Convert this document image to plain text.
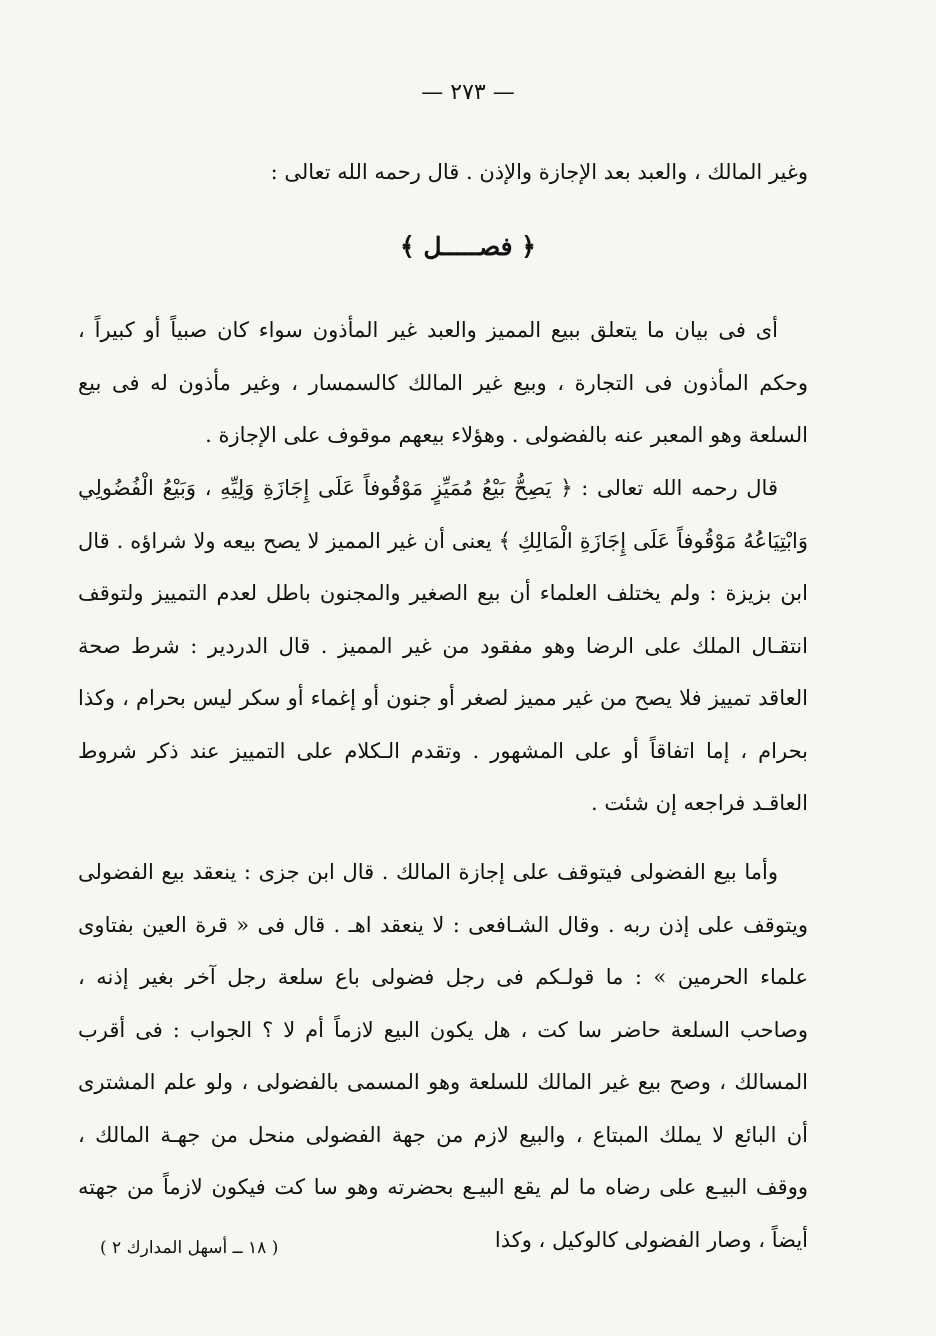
— ٢٧٣ —
وغير المالك ، والعبد بعد الإجازة والإذن . قال رحمه الله تعالى :
﴿ فصـــــل ﴾
أى فى بيان ما يتعلق ببيع المميز والعبد غير المأذون سواء كان صبياً أو كبيراً ، وحكم المأذون فى التجارة ، وبيع غير المالك كالسمسار ، وغير مأذون له فى بيع السلعة وهو المعبر عنه بالفضولى . وهؤلاء بيعهم موقوف على الإجازة .
قال رحمه الله تعالى : ﴿ يَصِحُّ بَيْعُ مُمَيِّزٍ مَوْقُوفاً عَلَى إِجَازَةِ وَلِيِّهِ ، وَبَيْعُ الْفُضُولِي وَابْتِيَاعُهُ مَوْقُوفاً عَلَى إِجَازَةِ الْمَالِكِ ﴾ يعنى أن غير المميز لا يصح بيعه ولا شراؤه . قال ابن بزيزة : ولم يختلف العلماء أن بيع الصغير والمجنون باطل لعدم التمييز ولتوقف انتقـال الملك على الرضا وهو مفقود من غير المميز . قال الدردير : شرط صحة العاقد تمييز فلا يصح من غير مميز لصغر أو جنون أو إغماء أو سكر ليس بحرام ، وكذا بحرام ، إما اتفاقاً أو على المشهور . وتقدم الـكلام على التمييز عند ذكر شروط العاقـد فراجعه إن شئت .
وأما بيع الفضولى فيتوقف على إجازة المالك . قال ابن جزى : ينعقد بيع الفضولى ويتوقف على إذن ربه . وقال الشـافعى : لا ينعقد اهـ . قال فى « قرة العين بفتاوى علماء الحرمين » : ما قولـكم فى رجل فضولى باع سلعة رجل آخر بغير إذنه ، وصاحب السلعة حاضر سا كت ، هل يكون البيع لازماً أم لا ؟ الجواب : فى أقرب المسالك ، وصح بيع غير المالك للسلعة وهو المسمى بالفضولى ، ولو علم المشترى أن البائع لا يملك المبتاع ، والبيع لازم من جهة الفضولى منحل من جهـة المالك ، ووقف البيـع على رضاه ما لم يقع البيـع بحضرته وهو سا كت فيكون لازماً من جهته أيضاً ، وصار الفضولى كالوكيل ، وكذا
( ١٨ ــ أسهل المدارك ٢ )
